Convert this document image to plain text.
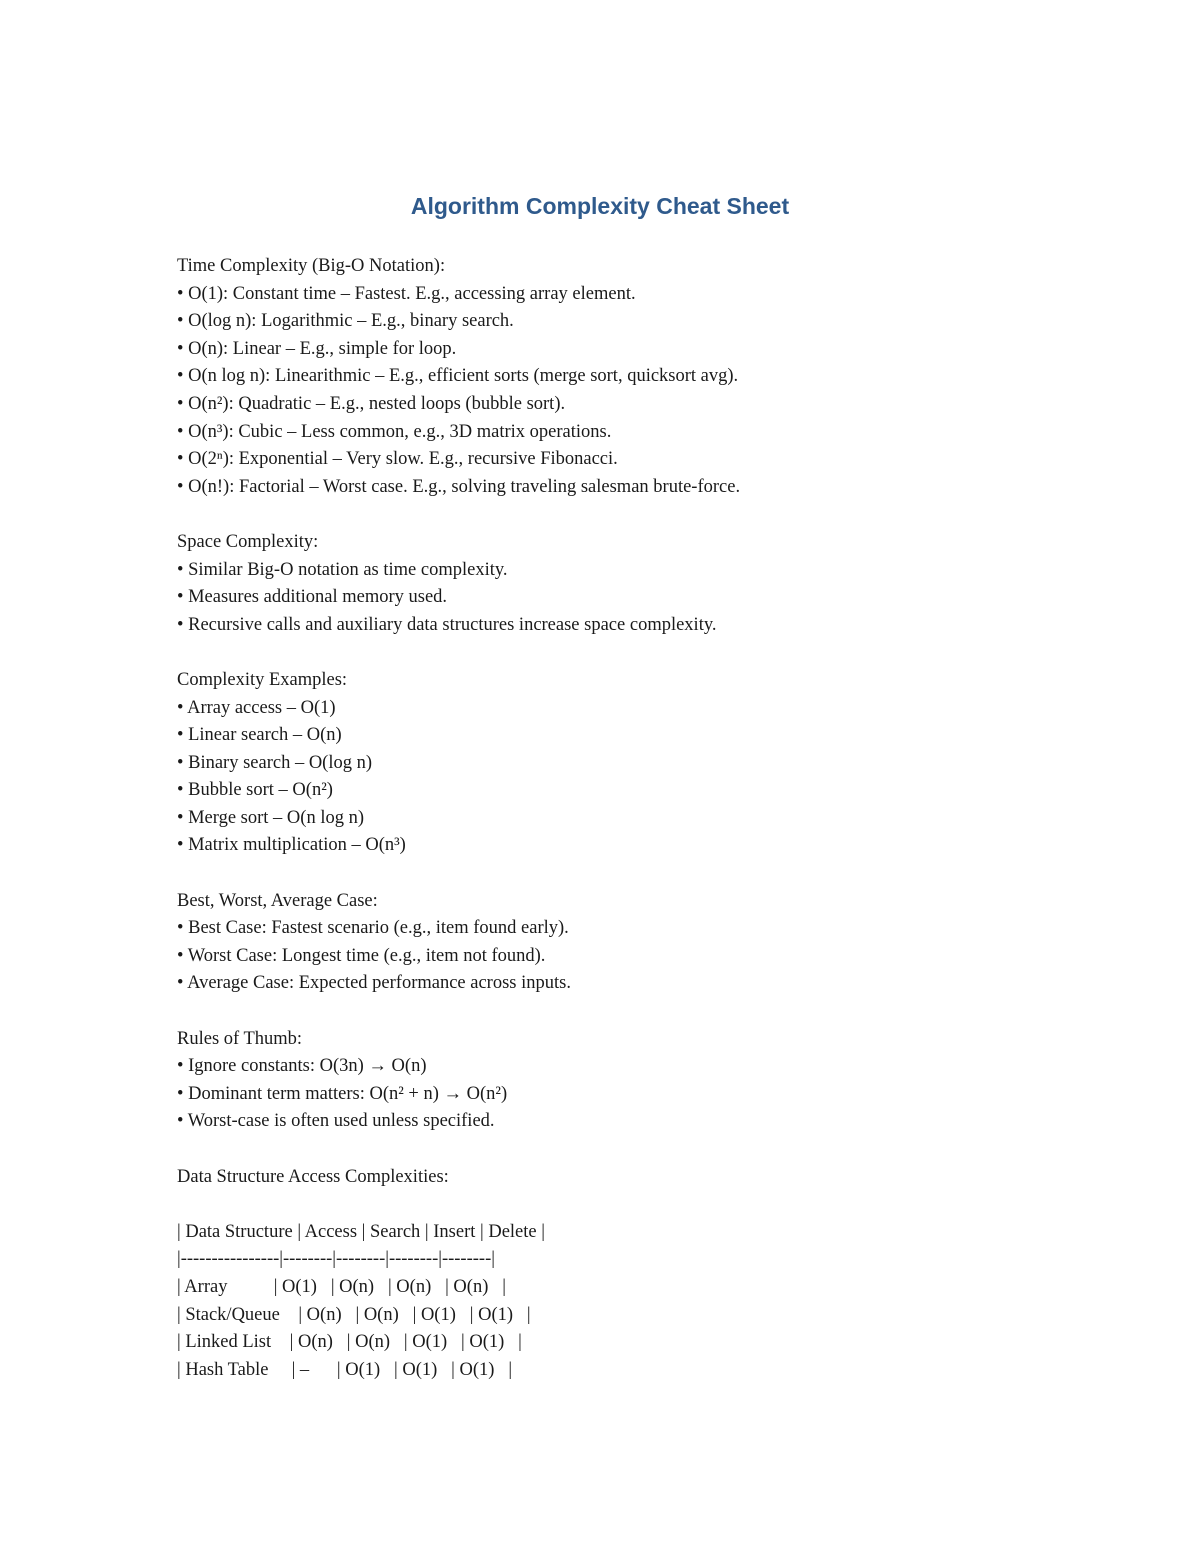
Algorithm Complexity Cheat Sheet
Time Complexity (Big-O Notation):
• O(1): Constant time – Fastest. E.g., accessing array element.
• O(log n): Logarithmic – E.g., binary search.
• O(n): Linear – E.g., simple for loop.
• O(n log n): Linearithmic – E.g., efficient sorts (merge sort, quicksort avg).
• O(n²): Quadratic – E.g., nested loops (bubble sort).
• O(n³): Cubic – Less common, e.g., 3D matrix operations.
• O(2ⁿ): Exponential – Very slow. E.g., recursive Fibonacci.
• O(n!): Factorial – Worst case. E.g., solving traveling salesman brute-force.
Space Complexity:
• Similar Big-O notation as time complexity.
• Measures additional memory used.
• Recursive calls and auxiliary data structures increase space complexity.
Complexity Examples:
• Array access – O(1)
• Linear search – O(n)
• Binary search – O(log n)
• Bubble sort – O(n²)
• Merge sort – O(n log n)
• Matrix multiplication – O(n³)
Best, Worst, Average Case:
• Best Case: Fastest scenario (e.g., item found early).
• Worst Case: Longest time (e.g., item not found).
• Average Case: Expected performance across inputs.
Rules of Thumb:
• Ignore constants: O(3n) → O(n)
• Dominant term matters: O(n² + n) → O(n²)
• Worst-case is often used unless specified.
Data Structure Access Complexities:
| Data Structure | Access | Search | Insert | Delete |
|----------------|--------|--------|--------|--------|
| Array          | O(1)   | O(n)   | O(n)   | O(n)   |
| Stack/Queue    | O(n)   | O(n)   | O(1)   | O(1)   |
| Linked List    | O(n)   | O(n)   | O(1)   | O(1)   |
| Hash Table     | –      | O(1)   | O(1)   | O(1)   |
